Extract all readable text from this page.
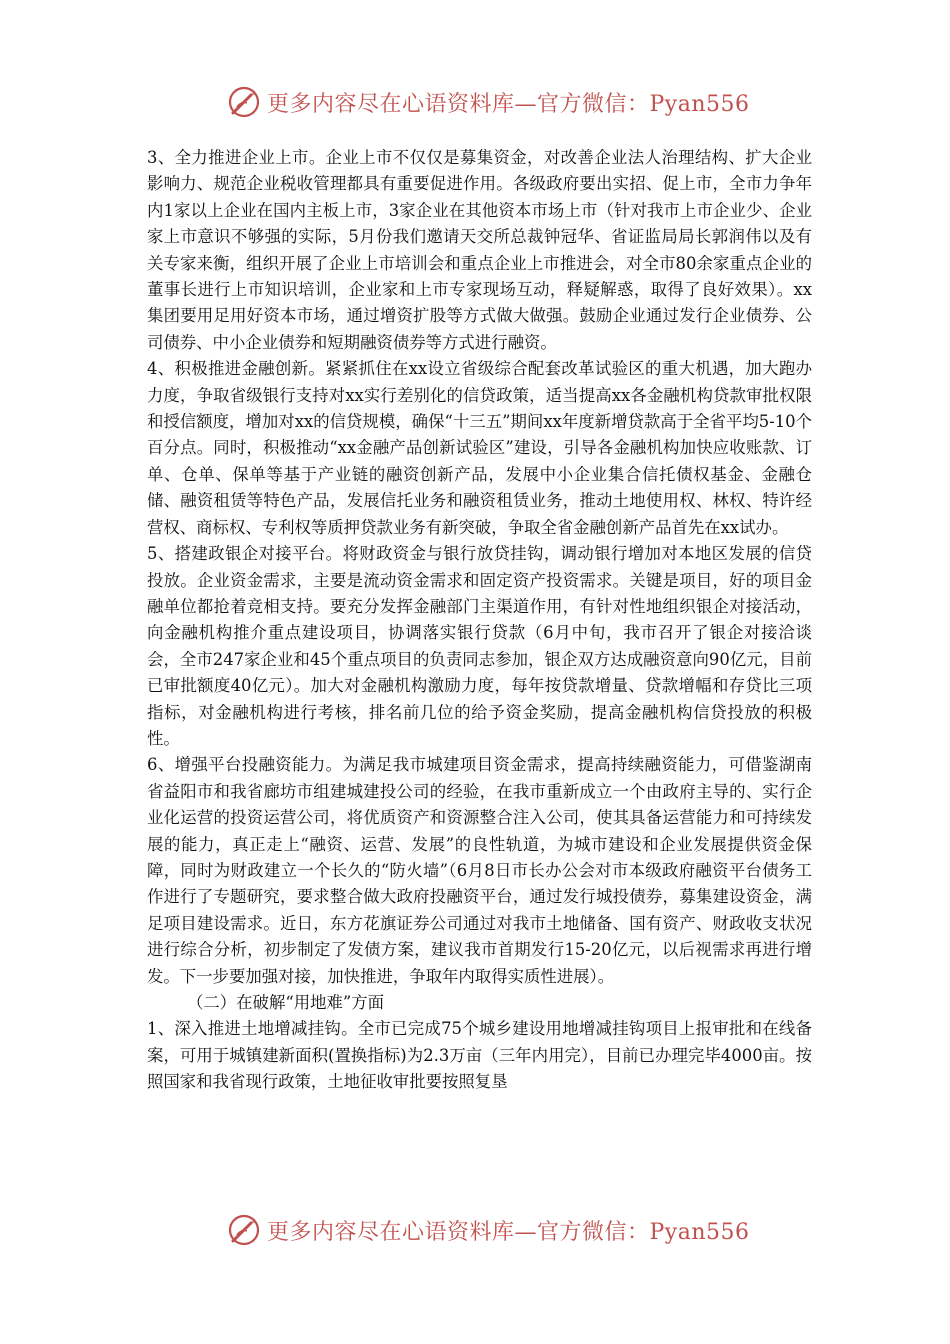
更多内容尽在心语资料库—官方微信：Pyan556

3、全力推进企业上市。企业上市不仅仅是募集资金，对改善企业法人治理结构、扩大企业影响力、规范企业税收管理都具有重要促进作用。各级政府要出实招、促上市，全市力争年内1家以上企业在国内主板上市，3家企业在其他资本市场上市（针对我市上市企业少、企业家上市意识不够强的实际，5月份我们邀请天交所总裁钟冠华、省证监局局长郭润伟以及有关专家来衡，组织开展了企业上市培训会和重点企业上市推进会，对全市80余家重点企业的董事长进行上市知识培训，企业家和上市专家现场互动，释疑解惑，取得了良好效果）。xx集团要用足用好资本市场，通过增资扩股等方式做大做强。鼓励企业通过发行企业债券、公司债券、中小企业债券和短期融资债券等方式进行融资。

4、积极推进金融创新。紧紧抓住在xx设立省级综合配套改革试验区的重大机遇，加大跑办力度，争取省级银行支持对xx实行差别化的信贷政策，适当提高xx各金融机构贷款审批权限和授信额度，增加对xx的信贷规模，确保“十三五”期间xx年度新增贷款高于全省平均5-10个百分点。同时，积极推动“xx金融产品创新试验区”建设，引导各金融机构加快应收账款、订单、仓单、保单等基于产业链的融资创新产品，发展中小企业集合信托债权基金、金融仓储、融资租赁等特色产品，发展信托业务和融资租赁业务，推动土地使用权、林权、特许经营权、商标权、专利权等质押贷款业务有新突破，争取全省金融创新产品首先在xx试办。

5、搭建政银企对接平台。将财政资金与银行放贷挂钩，调动银行增加对本地区发展的信贷投放。企业资金需求，主要是流动资金需求和固定资产投资需求。关键是项目，好的项目金融单位都抢着竞相支持。要充分发挥金融部门主渠道作用，有针对性地组织银企对接活动，向金融机构推介重点建设项目，协调落实银行贷款（6月中旬，我市召开了银企对接洽谈会，全市247家企业和45个重点项目的负责同志参加，银企双方达成融资意向90亿元，目前已审批额度40亿元）。加大对金融机构激励力度，每年按贷款增量、贷款增幅和存贷比三项指标，对金融机构进行考核，排名前几位的给予资金奖励，提高金融机构信贷投放的积极性。

6、增强平台投融资能力。为满足我市城建项目资金需求，提高持续融资能力，可借鉴湖南省益阳市和我省廊坊市组建城建投公司的经验，在我市重新成立一个由政府主导的、实行企业化运营的投资运营公司，将优质资产和资源整合注入公司，使其具备运营能力和可持续发展的能力，真正走上“融资、运营、发展”的良性轨道，为城市建设和企业发展提供资金保障，同时为财政建立一个长久的“防火墙”（6月8日市长办公会对市本级政府融资平台债务工作进行了专题研究，要求整合做大政府投融资平台，通过发行城投债券，募集建设资金，满足项目建设需求。近日，东方花旗证券公司通过对我市土地储备、国有资产、财政收支状况进行综合分析，初步制定了发债方案，建议我市首期发行15-20亿元，以后视需求再进行增发。下一步要加强对接，加快推进，争取年内取得实质性进展）。

（二）在破解“用地难”方面

1、深入推进土地增减挂钩。全市已完成75个城乡建设用地增减挂钩项目上报审批和在线备案，可用于城镇建新面积(置换指标)为2.3万亩（三年内用完），目前已办理完毕4000亩。按照国家和我省现行政策，土地征收审批要按照复垦

更多内容尽在心语资料库—官方微信：Pyan556
